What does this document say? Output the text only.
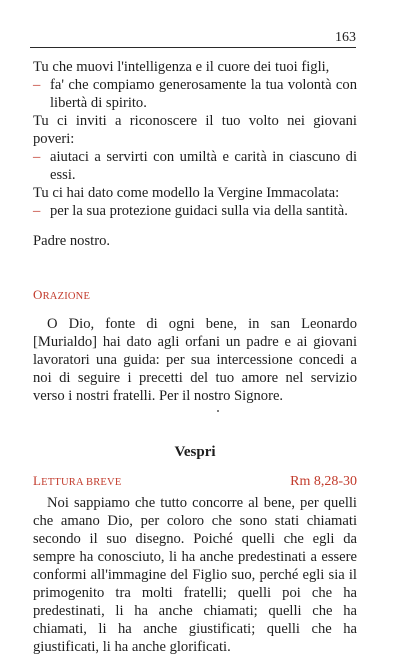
163
Tu che muovi l'intelligenza e il cuore dei tuoi figli,
– fa' che compiamo generosamente la tua volontà con libertà di spirito.
Tu ci inviti a riconoscere il tuo volto nei giovani poveri:
– aiutaci a servirti con umiltà e carità in ciascuno di essi.
Tu ci hai dato come modello la Vergine Immacolata:
– per la sua protezione guidaci sulla via della santità.
Padre nostro.
ORAZIONE
O Dio, fonte di ogni bene, in san Leonardo [Murialdo] hai dato agli orfani un padre e ai giovani lavoratori una guida: per sua intercessione concedi a noi di seguire i precetti del tuo amore nel servizio verso i nostri fratelli. Per il nostro Signore.
Vespri
LETTURA BREVE	Rm 8,28-30
Noi sappiamo che tutto concorre al bene, per quelli che amano Dio, per coloro che sono stati chiamati secondo il suo disegno. Poiché quelli che egli da sempre ha conosciuto, li ha anche predestinati a essere conformi all'immagine del Figlio suo, perché egli sia il primogenito tra molti fratelli; quelli poi che ha predestinati, li ha anche chiamati; quelli che ha chiamati, li ha anche giustificati; quelli che ha giustificati, li ha anche glorificati.
